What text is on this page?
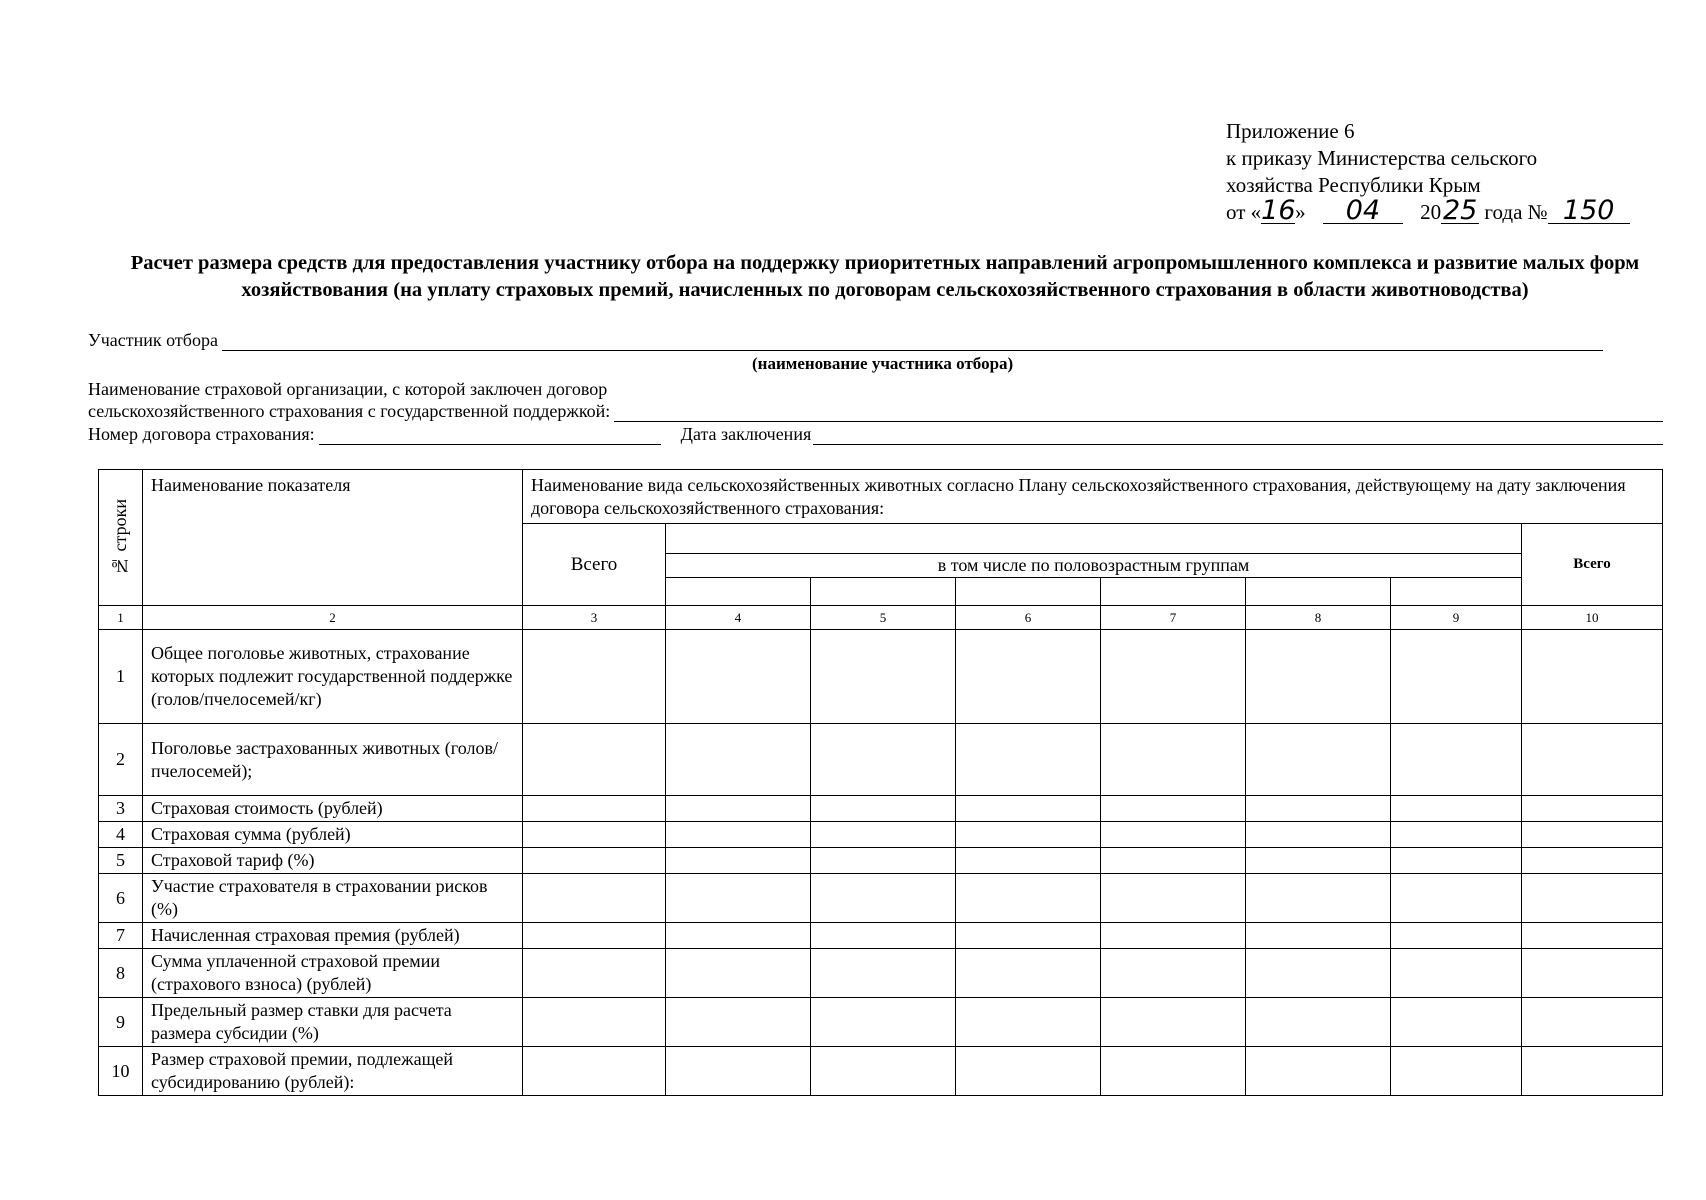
Приложение 6
к приказу Министерства сельского
хозяйства Республики Крым
от «16» 04 2025 года № 150
Расчет размера средств для предоставления участнику отбора на поддержку приоритетных направлений агропромышленного комплекса и развитие малых форм хозяйствования (на уплату страховых премий, начисленных по договорам сельскохозяйственного страхования в области животноводства)
Участник отбора
(наименование участника отбора)
Наименование страховой организации, с которой заключен договор
сельскохозяйственного страхования с государственной поддержкой:
Номер договора страхования:	Дата заключения
№ строки	Наименование показателя	Наименование вида сельскохозяйственных животных согласно Плану сельскохозяйственного страхования, действующему на дату заключения договора сельскохозяйственного страхования:							
		Всего							Всего
			в том числе по половозрастным группам						

1	2	3	4	5	6	7	8	9	10
1	Общее поголовье животных, страхование которых подлежит государственной поддержке (голов/пчелосемей/кг)								
2	Поголовье застрахованных животных (голов/пчелосемей);								
3	Страховая стоимость (рублей)								
4	Страховая сумма (рублей)								
5	Страховой тариф (%)								
6	Участие страхователя в страховании рисков (%)								
7	Начисленная страховая премия (рублей)								
8	Сумма уплаченной страховой премии (страхового взноса) (рублей)								
9	Предельный размер ставки для расчета размера субсидии (%)								
10	Размер страховой премии, подлежащей субсидированию (рублей):								
